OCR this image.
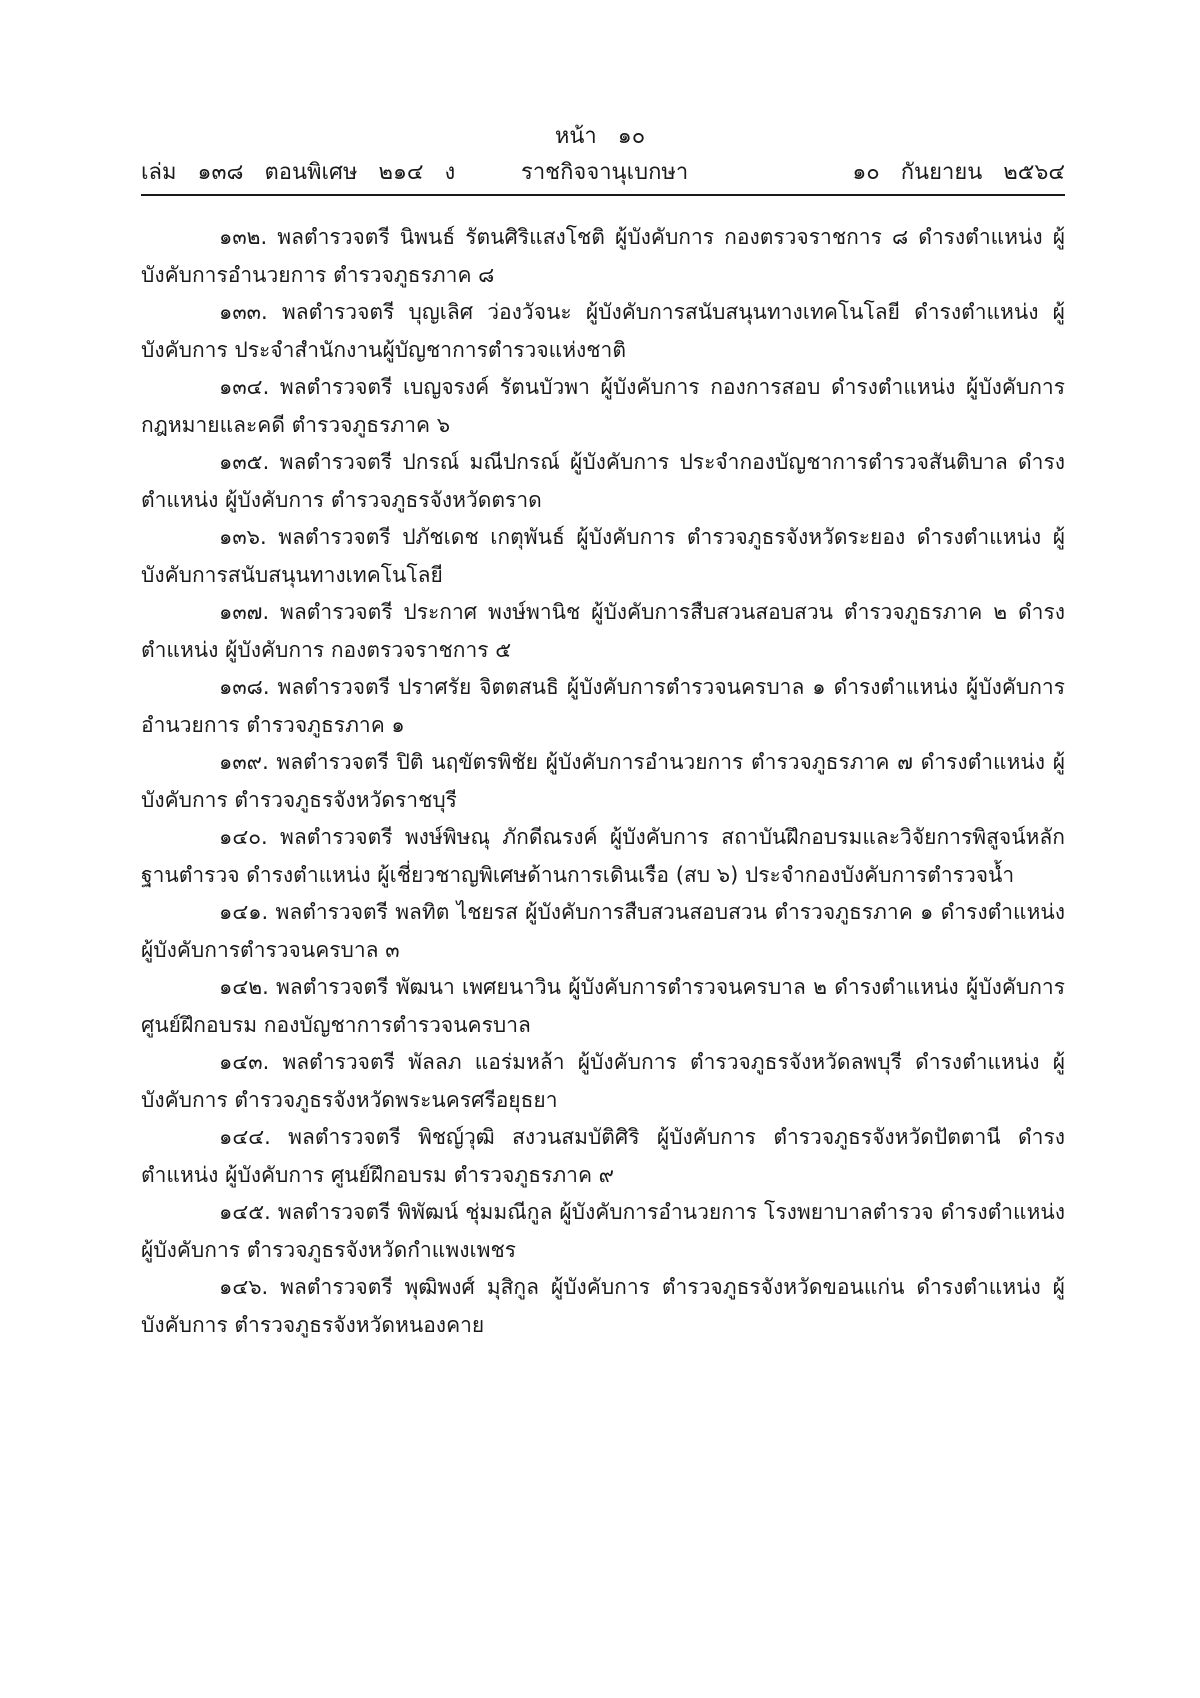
หน้า   ๑๐
เล่ม   ๑๓๘   ตอนพิเศษ   ๒๑๔   ง	ราชกิจจานุเบกษา	๑๐   กันยายน   ๒๕๖๔

๑๓๒. พลตำรวจตรี นิพนธ์ รัตนศิริแสงโชติ ผู้บังคับการ กองตรวจราชการ ๘ ดำรงตำแหน่ง ผู้บังคับการอำนวยการ ตำรวจภูธรภาค ๘

๑๓๓. พลตำรวจตรี บุญเลิศ ว่องวัจนะ ผู้บังคับการสนับสนุนทางเทคโนโลยี ดำรงตำแหน่ง ผู้บังคับการ ประจำสำนักงานผู้บัญชาการตำรวจแห่งชาติ

๑๓๔. พลตำรวจตรี เบญจรงค์ รัตนบัวพา ผู้บังคับการ กองการสอบ ดำรงตำแหน่ง ผู้บังคับการกฎหมายและคดี ตำรวจภูธรภาค ๖

๑๓๕. พลตำรวจตรี ปกรณ์ มณีปกรณ์ ผู้บังคับการ ประจำกองบัญชาการตำรวจสันติบาล ดำรงตำแหน่ง ผู้บังคับการ ตำรวจภูธรจังหวัดตราด

๑๓๖. พลตำรวจตรี ปภัชเดช เกตุพันธ์ ผู้บังคับการ ตำรวจภูธรจังหวัดระยอง ดำรงตำแหน่ง ผู้บังคับการสนับสนุนทางเทคโนโลยี

๑๓๗. พลตำรวจตรี ประกาศ พงษ์พานิช ผู้บังคับการสืบสวนสอบสวน ตำรวจภูธรภาค ๒ ดำรงตำแหน่ง ผู้บังคับการ กองตรวจราชการ ๕

๑๓๘. พลตำรวจตรี ปราศรัย จิตตสนธิ ผู้บังคับการตำรวจนครบาล ๑ ดำรงตำแหน่ง ผู้บังคับการอำนวยการ ตำรวจภูธรภาค ๑

๑๓๙. พลตำรวจตรี ปิติ นฤขัตรพิชัย ผู้บังคับการอำนวยการ ตำรวจภูธรภาค ๗ ดำรงตำแหน่ง ผู้บังคับการ ตำรวจภูธรจังหวัดราชบุรี

๑๔๐. พลตำรวจตรี พงษ์พิษณุ ภักดีณรงค์ ผู้บังคับการ สถาบันฝึกอบรมและวิจัยการพิสูจน์หลักฐานตำรวจ ดำรงตำแหน่ง ผู้เชี่ยวชาญพิเศษด้านการเดินเรือ (สบ ๖) ประจำกองบังคับการตำรวจน้ำ

๑๔๑. พลตำรวจตรี พลทิต ไชยรส ผู้บังคับการสืบสวนสอบสวน ตำรวจภูธรภาค ๑ ดำรงตำแหน่ง ผู้บังคับการตำรวจนครบาล ๓

๑๔๒. พลตำรวจตรี พัฒนา เพศยนาวิน ผู้บังคับการตำรวจนครบาล ๒ ดำรงตำแหน่ง ผู้บังคับการ ศูนย์ฝึกอบรม กองบัญชาการตำรวจนครบาล

๑๔๓. พลตำรวจตรี พัลลภ แอร่มหล้า ผู้บังคับการ ตำรวจภูธรจังหวัดลพบุรี ดำรงตำแหน่ง ผู้บังคับการ ตำรวจภูธรจังหวัดพระนครศรีอยุธยา

๑๔๔. พลตำรวจตรี พิชญ์วุฒิ สงวนสมบัติศิริ ผู้บังคับการ ตำรวจภูธรจังหวัดปัตตานี ดำรงตำแหน่ง ผู้บังคับการ ศูนย์ฝึกอบรม ตำรวจภูธรภาค ๙

๑๔๕. พลตำรวจตรี พิพัฒน์ ชุ่มมณีกูล ผู้บังคับการอำนวยการ โรงพยาบาลตำรวจ ดำรงตำแหน่ง ผู้บังคับการ ตำรวจภูธรจังหวัดกำแพงเพชร

๑๔๖. พลตำรวจตรี พุฒิพงศ์ มุสิกูล ผู้บังคับการ ตำรวจภูธรจังหวัดขอนแก่น ดำรงตำแหน่ง ผู้บังคับการ ตำรวจภูธรจังหวัดหนองคาย
